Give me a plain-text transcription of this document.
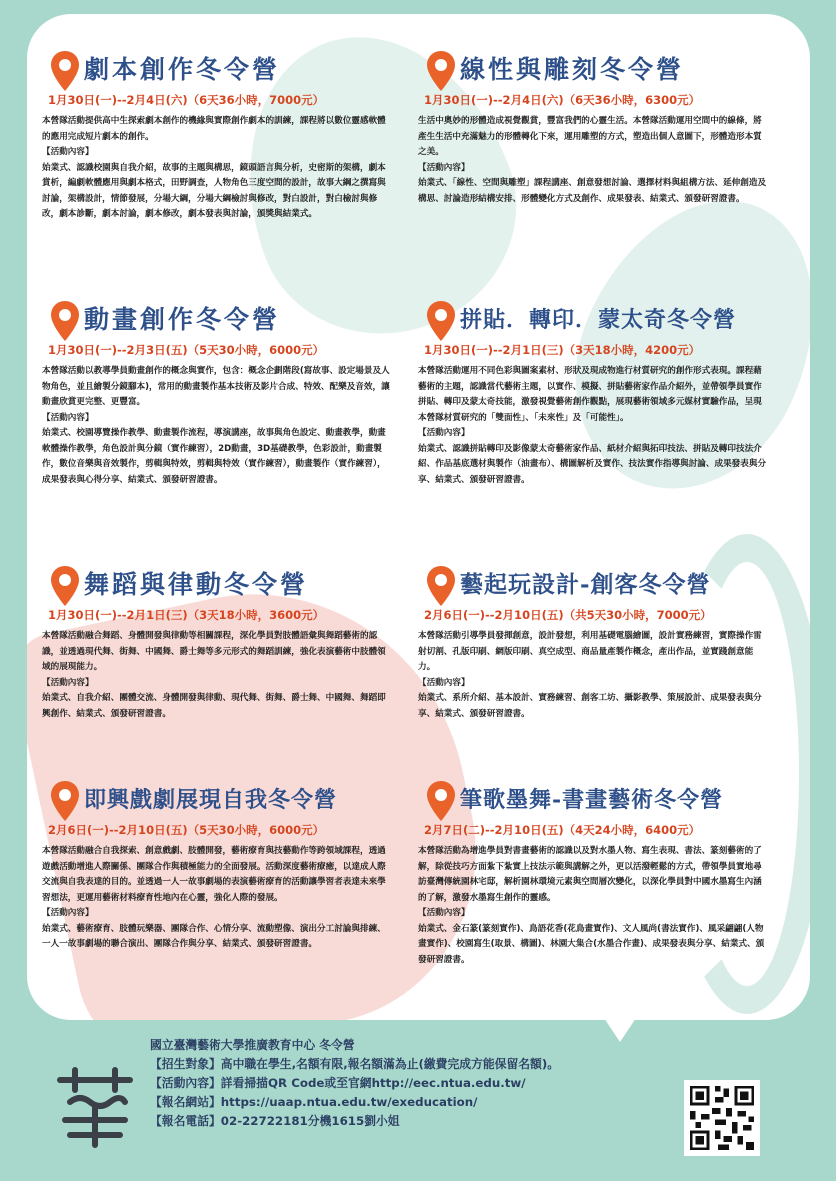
劇本創作冬令營
1月30日(一)--2月4日(六)（6天36小時，7000元）
本營隊活動提供高中生探索劇本創作的機緣與實際創作劇本的訓練，課程將以數位靈感軟體的應用完成短片劇本的創作。
【活動內容】
始業式、認識校園與自我介紹，故事的主題與構思，鏡頭語言與分析，史密斯的架構，劇本賞析，編劇軟體應用與劇本格式，田野調查，人物角色三度空間的設計，故事大綱之撰寫與討論，架構設計，情節發展，分場大綱，分場大綱檢討與修改，對白設計，對白檢討與修改，劇本診斷，劇本討論，劇本修改，劇本發表與討論，頒獎與結業式。
線性與雕刻冬令營
1月30日(一)--2月4日(六)（6天36小時，6300元）
生活中奧妙的形體造成視覺觀賞，豐富我們的心靈生活。本營隊活動運用空間中的線條，將產生生活中充滿魅力的形體轉化下來，運用雕塑的方式，塑造出個人意圖下，形體造形本質之美。
【活動內容】
始業式、「線性、空間與雕塑」課程講座、創意發想討論、選擇材料與組構方法、延伸創造及構思、討論造形結構安排、形體變化方式及創作、成果發表、結業式、頒發研習證書。
動畫創作冬令營
1月30日(一)--2月3日(五)（5天30小時，6000元）
本營隊活動以教導學員動畫創作的概念與實作，包含：概念企劃階段(寫故事、設定場景及人物角色，並且繪製分鏡腳本)，常用的動畫製作基本技術及影片合成、特效、配樂及音效，讓動畫欣賞更完整、更豐富。
【活動內容】
始業式、校園導覽操作教學、動畫製作流程，導演講座，故事與角色設定、動畫教學，動畫軟體操作教學，角色設計與分鏡（實作練習），2D動畫，3D基礎教學，色彩設計，動畫製作，數位音樂與音效製作，剪輯與特效，剪輯與特效（實作練習），動畫製作（實作練習），成果發表與心得分享、結業式、頒發研習證書。
拼貼．轉印．蒙太奇冬令營
1月30日(一)--2月1日(三)（3天18小時，4200元）
本營隊活動運用不同色彩與圖案素材、形狀及現成物進行材質研究的創作形式表現。課程藉藝術的主題，認識當代藝術主題，以實作、模擬、拼貼藝術家作品介紹外，並帶領學員實作拼貼、轉印及蒙太奇技能，激發視覺藝術創作觀點，展現藝術領域多元媒材實驗作品，呈現本營隊材質研究的「雙面性」、「未來性」及「可能性」。
【活動內容】
始業式、認識拼貼轉印及影像蒙太奇藝術家作品、紙材介紹與拓印技法、拼貼及轉印技法介紹、作品基底選材與製作（油畫布）、構圖解析及實作、技法實作指導與討論、成果發表與分享、結業式、頒發研習證書。
舞蹈與律動冬令營
1月30日(一)--2月1日(三)（3天18小時，3600元）
本營隊活動融合舞蹈、身體開發與律動等相關課程，深化學員對肢體語彙與舞蹈藝術的認識，並透過現代舞、街舞、中國舞、爵士舞等多元形式的舞蹈訓練，強化表演藝術中肢體領域的展現能力。
【活動內容】
始業式、自我介紹、團體交流、身體開發與律動、現代舞、街舞、爵士舞、中國舞、舞蹈即興創作、結業式、頒發研習證書。
藝起玩設計-創客冬令營
2月6日(一)--2月10日(五)（共5天30小時，7000元）
本營隊活動引導學員發揮創意，設計發想，利用基礎電腦繪圖，設計實務練習，實際操作雷射切割、孔版印刷、網版印刷、真空成型、商品量產製作概念，產出作品，並實踐創意能力。
【活動內容】
始業式、系所介紹、基本設計、實務練習、創客工坊、攝影教學、策展設計、成果發表與分享、結業式、頒發研習證書。
即興戲劇展現自我冬令營
2月6日(一)--2月10日(五)（5天30小時，6000元）
本營隊活動融合自我探索、創意戲劇、肢體開發，藝術療育與技藝動作等跨領域課程，透過遊戲活動增進人際關係、團隊合作與積極能力的全面發展。活動深度藝術療癒，以達成人際交流與自我表達的目的。並透過一人一故事劇場的表演藝術療育的活動讓學習者表達未來學習想法，更運用藝術材料療育性地內在心靈，強化人際的發展。
【活動內容】
始業式、藝術療育、肢體玩樂器、團隊合作、心情分享、流動塑像、演出分工討論與排練、一人一故事劇場的聯合演出、團隊合作與分享、結業式、頒發研習證書。
筆歌墨舞-書畫藝術冬令營
2月7日(二)--2月10日(五)（4天24小時，6400元）
本營隊活動為增進學員對書畫藝術的認識以及對水墨人物、寫生表現、書法、篆刻藝術的了解，除從技巧方面紮下紮實上技法示範與講解之外，更以活潑輕鬆的方式，帶領學員實地尋訪臺灣傳統園林宅邸，解析園林環境元素與空間層次變化，以深化學員對中國水墨寫生內涵的了解，激發水墨寫生創作的靈感。
【活動內容】
始業式、金石篆(篆刻實作)、鳥語花香(花鳥畫實作)、文人風尚(書法實作)、風采翩翩(人物畫實作)、校園寫生(取景、構圖)、林園大集合(水墨合作畫)、成果發表與分享、結業式、頒發研習證書。
國立臺灣藝術大學推廣教育中心 冬令營
【招生對象】高中職在學生,名額有限,報名額滿為止(繳費完成方能保留名額)。
【活動內容】詳看掃描QR Code或至官網http://eec.ntua.edu.tw/
【報名網站】https://uaap.ntua.edu.tw/exeducation/
【報名電話】02-22722181分機1615劉小姐
